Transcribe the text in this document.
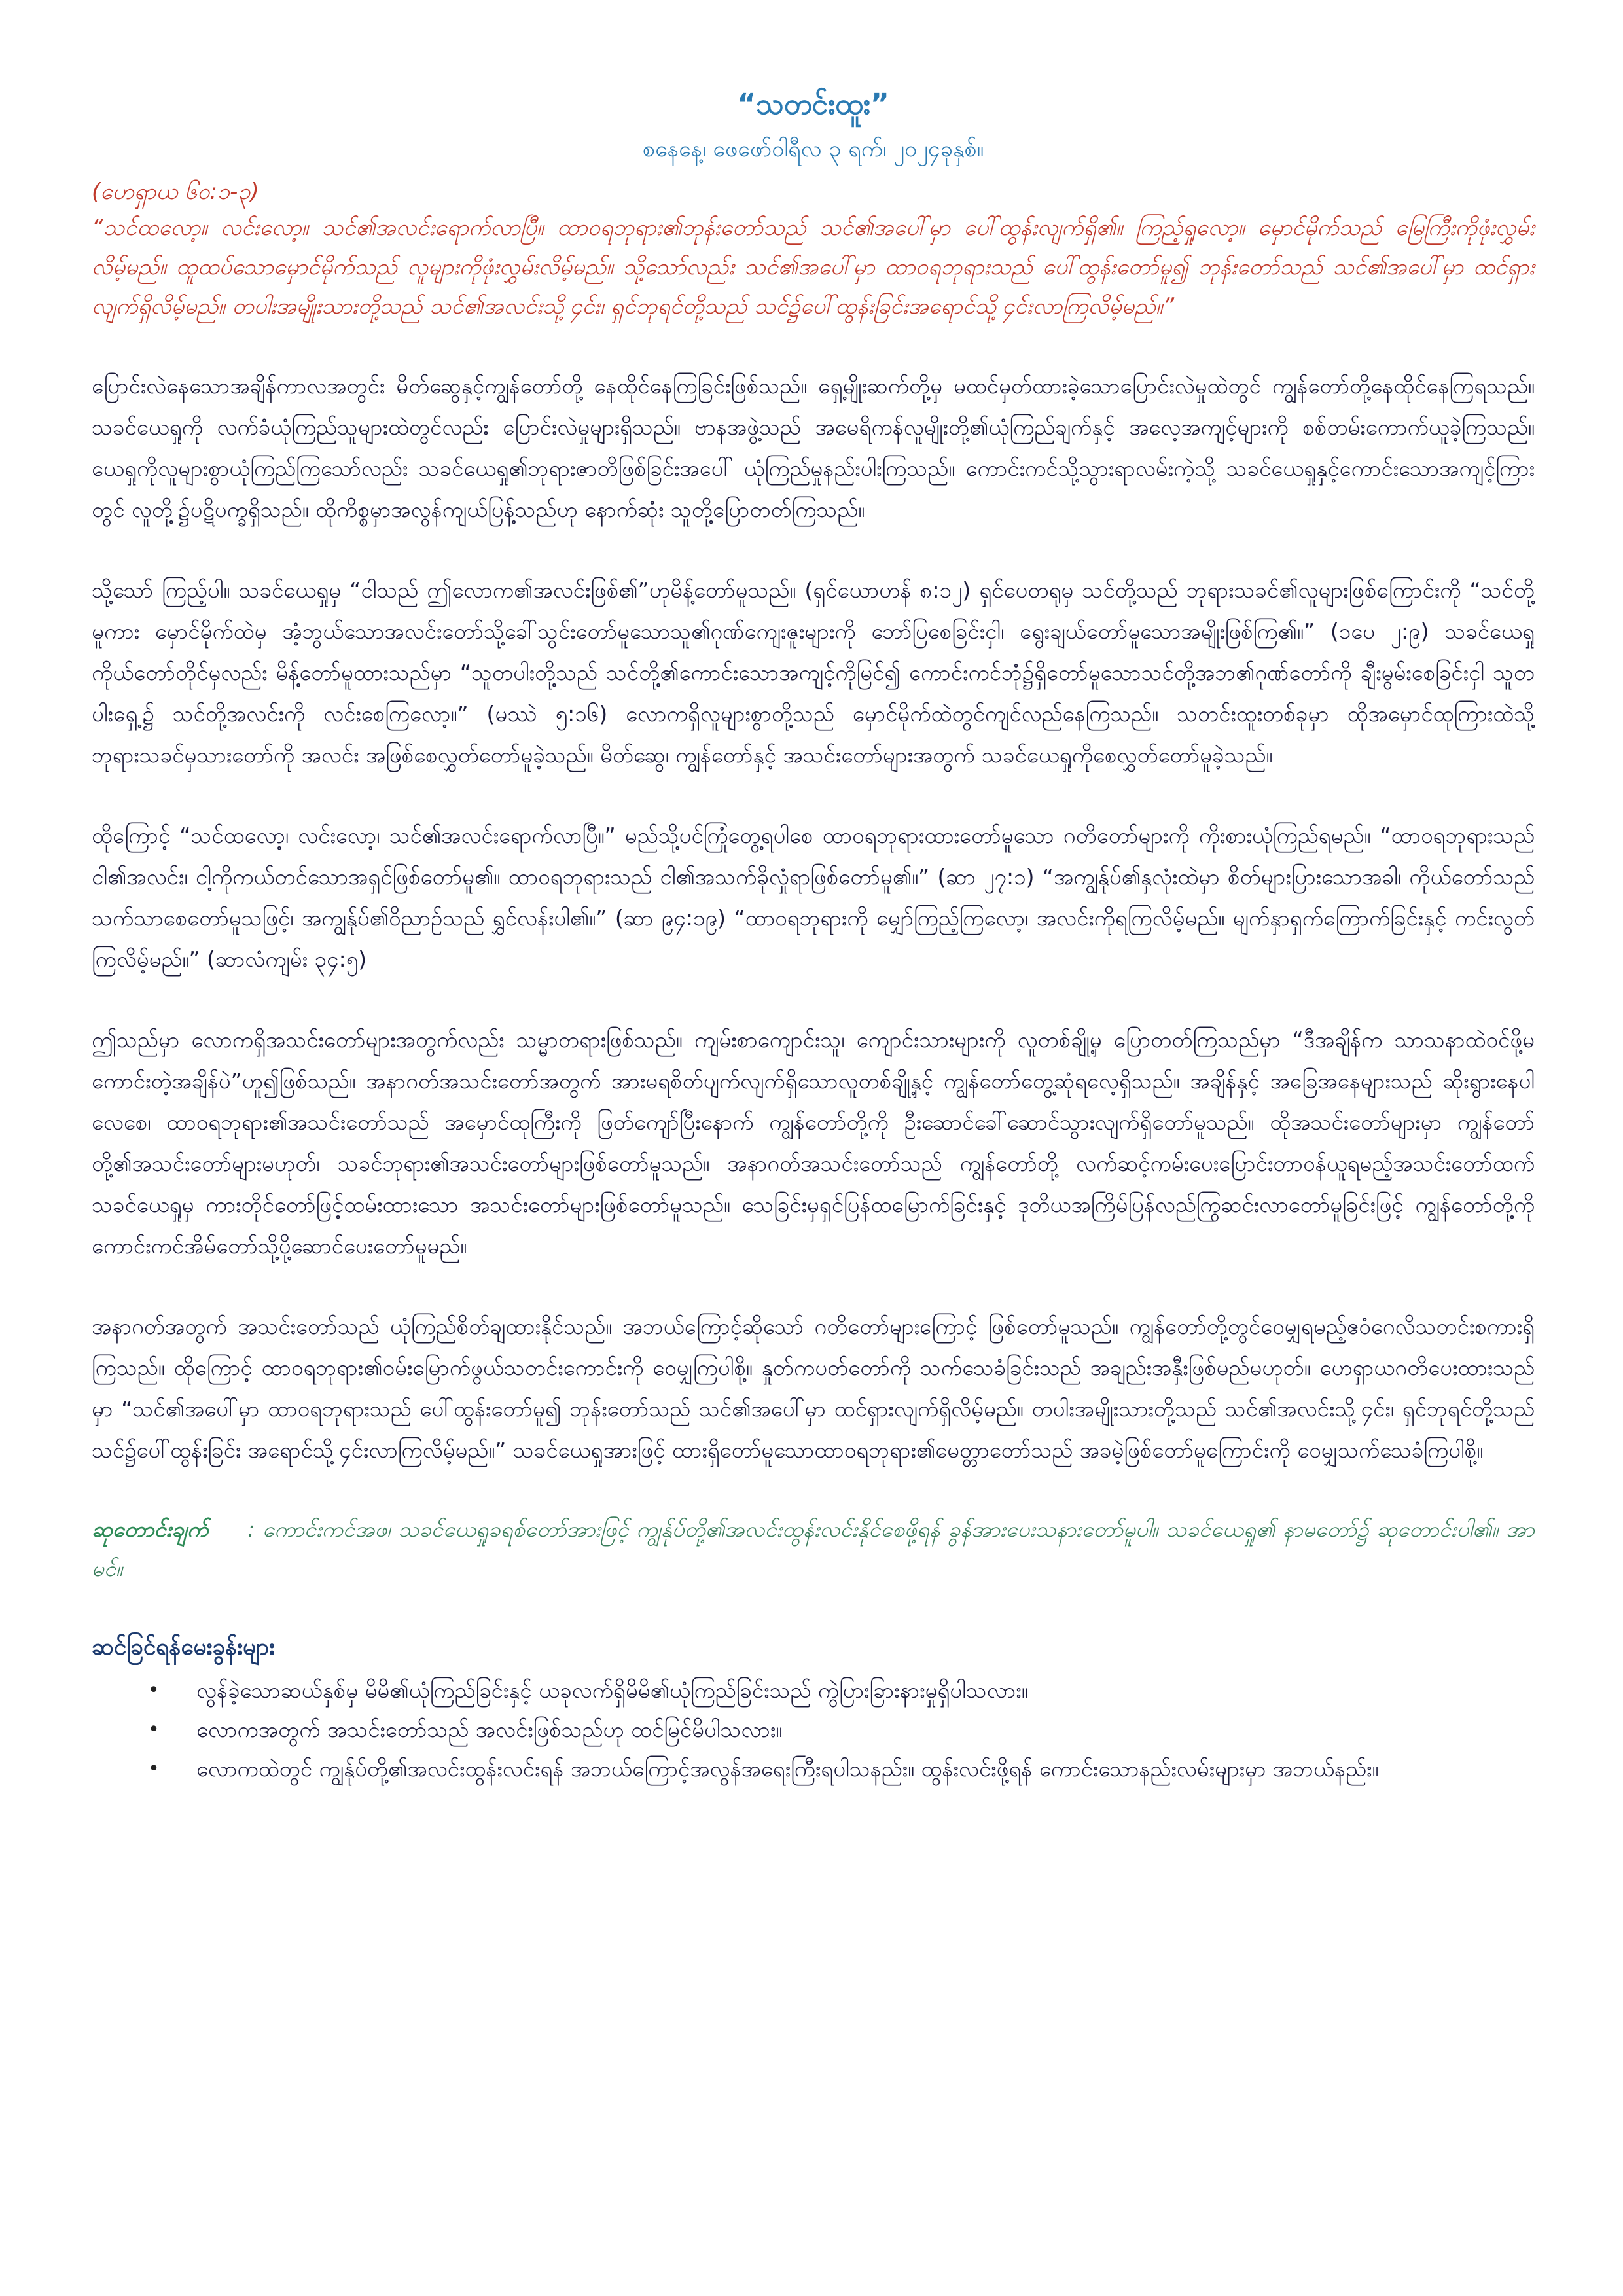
“သတင်းထူး”
စနေနေ့၊ ဖေဖော်ဝါရီလ ၃ ရက်၊ ၂၀၂၄ခုနှစ်။
(ဟေရှာယ ၆၀:၁-၃)

“သင်ထလော့။ လင်းလော့။ သင်၏အလင်းရောက်လာပြီ။ ထာဝရဘုရား၏ဘုန်းတော်သည် သင်၏အပေါ်မှာ ပေါ်ထွန်းလျက်ရှိ၏။ ကြည့်ရှုလော့။ မှောင်မိုက်သည် မြေကြီးကိုဖုံးလွှမ်းလိမ့်မည်။ ထူထပ်သောမှောင်မိုက်သည် လူများကိုဖုံးလွှမ်းလိမ့်မည်။ သို့သော်လည်း သင်၏အပေါ်မှာ ထာဝရဘုရားသည် ပေါ်ထွန်းတော်မူ၍ ဘုန်းတော်သည် သင်၏အပေါ်မှာ ထင်ရှားလျက်ရှိလိမ့်မည်။ တပါးအမျိုးသားတို့သည် သင်၏အလင်းသို့၄င်း၊ ရှင်ဘုရင်တို့သည် သင်၌ပေါ်ထွန်းခြင်းအရောင်သို့၄င်းလာကြလိမ့်မည်။”

ပြောင်းလဲနေသောအချိန်ကာလအတွင်း မိတ်ဆွေနှင့်ကျွန်တော်တို့ နေထိုင်နေကြခြင်းဖြစ်သည်။ ရှေ့မျိုးဆက်တို့မှ မထင်မှတ်ထားခဲ့သောပြောင်းလဲမှုထဲတွင် ကျွန်တော်တို့နေထိုင်နေကြရသည်။ သခင်ယေရှုကို လက်ခံယုံကြည်သူများထဲတွင်လည်း ပြောင်းလဲမှုများရှိသည်။ ဗာနအဖွဲ့သည် အမေရိကန်လူမျိုးတို့၏ယုံကြည်ချက်နှင့် အလေ့အကျင့်များကို စစ်တမ်းကောက်ယူခဲ့ကြသည်။ ယေရှုကိုလူများစွာယုံကြည်ကြသော်လည်း သခင်ယေရှု၏ဘုရားဇာတိဖြစ်ခြင်းအပေါ် ယုံကြည်မှုနည်းပါးကြသည်။ ကောင်းကင်သို့သွားရာလမ်းကဲ့သို့ သခင်ယေရှုနှင့်ကောင်းသောအကျင့်ကြားတွင် လူတို့၌ပဋိပက္ခရှိသည်။ ထိုကိစ္စမှာအလွန်ကျယ်ပြန့်သည်ဟု နောက်ဆုံး သူတို့ပြောတတ်ကြသည်။

သို့သော် ကြည့်ပါ။ သခင်ယေရှုမှ “ငါသည် ဤလောက၏အလင်းဖြစ်၏”ဟုမိန့်တော်မူသည်။ (ရှင်ယောဟန် ၈:၁၂) ရှင်ပေတရုမှ သင်တို့သည် ဘုရားသခင်၏လူများဖြစ်ကြောင်းကို “သင်တို့မူကား မှောင်မိုက်ထဲမှ အံ့ဘွယ်သောအလင်းတော်သို့ခေါ်သွင်းတော်မူသောသူ၏ဂုဏ်ကျေးဇူးများကို ဘော်ပြစေခြင်းငှါ၊ ရွေးချယ်တော်မူသောအမျိုးဖြစ်ကြ၏။” (၁ပေ ၂:၉) သခင်ယေရှုကိုယ်တော်တိုင်မှလည်း မိန့်တော်မူထားသည်မှာ “သူတပါးတို့သည် သင်တို့၏ကောင်းသောအကျင့်ကိုမြင်၍ ကောင်းကင်ဘုံ၌ရှိတော်မူသောသင်တို့အဘ၏ဂုဏ်တော်ကို ချီးမွမ်းစေခြင်းငှါ သူတပါးရှေ့၌ သင်တို့အလင်းကို လင်းစေကြလော့။” (မဿဲ ၅:၁၆) လောကရှိလူများစွာတို့သည် မှောင်မိုက်ထဲတွင်ကျင်လည်နေကြသည်။ သတင်းထူးတစ်ခုမှာ ထိုအမှောင်ထုကြားထဲသို့ ဘုရားသခင်မှသားတော်ကို အလင်း အဖြစ်စေလွှတ်တော်မူခဲ့သည်။ မိတ်ဆွေ၊ ကျွန်တော်နှင့် အသင်းတော်များအတွက် သခင်ယေရှုကိုစေလွှတ်တော်မူခဲ့သည်။

ထိုကြောင့် “သင်ထလော့၊ လင်းလော့၊ သင်၏အလင်းရောက်လာပြီ။” မည်သို့ပင်ကြုံတွေ့ရပါစေ ထာဝရဘုရားထားတော်မူသော ဂတိတော်များကို ကိုးစားယုံကြည်ရမည်။ “ထာဝရဘုရားသည် ငါ၏အလင်း၊ ငါ့ကိုကယ်တင်သောအရှင်ဖြစ်တော်မူ၏။ ထာဝရဘုရားသည် ငါ၏အသက်ခိုလှုံရာဖြစ်တော်မူ၏။” (ဆာ ၂၇:၁) “အကျွန်ုပ်၏နှလုံးထဲမှာ စိတ်များပြားသောအခါ၊ ကိုယ်တော်သည် သက်သာစေတော်မူသဖြင့်၊ အကျွန်ုပ်၏ဝိညာဉ်သည် ရွှင်လန်းပါ၏။” (ဆာ ၉၄:၁၉) “ထာဝရဘုရားကို မျှော်ကြည့်ကြလော့၊ အလင်းကိုရကြလိမ့်မည်။ မျက်နှာရှက်ကြောက်ခြင်းနှင့် ကင်းလွတ်ကြလိမ့်မည်။” (ဆာလံကျမ်း ၃၄:၅)

ဤသည်မှာ လောကရှိအသင်းတော်များအတွက်လည်း သမ္မာတရားဖြစ်သည်။ ကျမ်းစာကျောင်းသူ၊ ကျောင်းသားများကို လူတစ်ချို့မှ ပြောတတ်ကြသည်မှာ “ဒီအချိန်က သာသနာထဲဝင်ဖို့မကောင်းတဲ့အချိန်ပဲ”ဟူ၍ဖြစ်သည်။ အနာဂတ်အသင်းတော်အတွက် အားမရစိတ်ပျက်လျက်ရှိသောလူတစ်ချို့နှင့် ကျွန်တော်တွေ့ဆုံရလေ့ရှိသည်။ အချိန်နှင့် အခြေအနေများသည် ဆိုးရွားနေပါလေစေ၊ ထာဝရဘုရား၏အသင်းတော်သည် အမှောင်ထုကြီးကို ဖြတ်ကျော်ပြီးနောက် ကျွန်တော်တို့ကို ဦးဆောင်ခေါ်ဆောင်သွားလျက်ရှိတော်မူသည်။ ထိုအသင်းတော်များမှာ ကျွန်တော်တို့၏အသင်းတော်များမဟုတ်၊ သခင်ဘုရား၏အသင်းတော်များဖြစ်တော်မူသည်။ အနာဂတ်အသင်းတော်သည် ကျွန်တော်တို့ လက်ဆင့်ကမ်းပေးပြောင်းတာဝန်ယူရမည့်အသင်းတော်ထက် သခင်ယေရှုမှ ကားတိုင်တော်ဖြင့်ထမ်းထားသော အသင်းတော်များဖြစ်တော်မူသည်။ သေခြင်းမှရှင်ပြန်ထမြောက်ခြင်းနှင့် ဒုတိယအကြိမ်ပြန်လည်ကြွဆင်းလာတော်မူခြင်းဖြင့် ကျွန်တော်တို့ကို ကောင်းကင်အိမ်တော်သို့ပို့ဆောင်ပေးတော်မူမည်။

အနာဂတ်အတွက် အသင်းတော်သည် ယုံကြည်စိတ်ချထားနိုင်သည်။ အဘယ်ကြောင့်ဆိုသော် ဂတိတော်များကြောင့် ဖြစ်တော်မူသည်။ ကျွန်တော်တို့တွင်ဝေမျှရမည့်ဧဝံဂေလိသတင်းစကားရှိကြသည်။ ထိုကြောင့် ထာဝရဘုရား၏ဝမ်းမြောက်ဖွယ်သတင်းကောင်းကို ဝေမျှကြပါစို့။ နှုတ်ကပတ်တော်ကို သက်သေခံခြင်းသည် အချည်းအနှီးဖြစ်မည်မဟုတ်။ ဟေရှာယဂတိပေးထားသည်မှာ “သင်၏အပေါ်မှာ ထာဝရဘုရားသည် ပေါ်ထွန်းတော်မူ၍ ဘုန်းတော်သည် သင်၏အပေါ်မှာ ထင်ရှားလျက်ရှိလိမ့်မည်။ တပါးအမျိုးသားတို့သည် သင်၏အလင်းသို့၄င်း၊ ရှင်ဘုရင်တို့သည် သင်၌ပေါ်ထွန်းခြင်း အရောင်သို့၄င်းလာကြလိမ့်မည်။” သခင်ယေရှုအားဖြင့် ထားရှိတော်မူသောထာဝရဘုရား၏မေတ္တာတော်သည် အခမဲ့ဖြစ်တော်မူကြောင်းကို ဝေမျှသက်သေခံကြပါစို့။

ဆုတောင်းချက် : ကောင်းကင်အဖ၊ သခင်ယေရှုခရစ်တော်အားဖြင့် ကျွန်ုပ်တို့၏အလင်းထွန်းလင်းနိုင်စေဖို့ရန် ခွန်အားပေးသနားတော်မူပါ။ သခင်ယေရှု၏ နာမတော်၌ ဆုတောင်းပါ၏။ အာမင်။

ဆင်ခြင်ရန်မေးခွန်းများ
• လွန်ခဲ့သောဆယ်နှစ်မှ မိမိ၏ယုံကြည်ခြင်းနှင့် ယခုလက်ရှိမိမိ၏ယုံကြည်ခြင်းသည် ကွဲပြားခြားနားမှုရှိပါသလား။
• လောကအတွက် အသင်းတော်သည် အလင်းဖြစ်သည်ဟု ထင်မြင်မိပါသလား။
• လောကထဲတွင် ကျွန်ုပ်တို့၏အလင်းထွန်းလင်းရန် အဘယ်ကြောင့်အလွန်အရေးကြီးရပါသနည်း။ ထွန်းလင်းဖို့ရန် ကောင်းသောနည်းလမ်းများမှာ အဘယ်နည်း။
